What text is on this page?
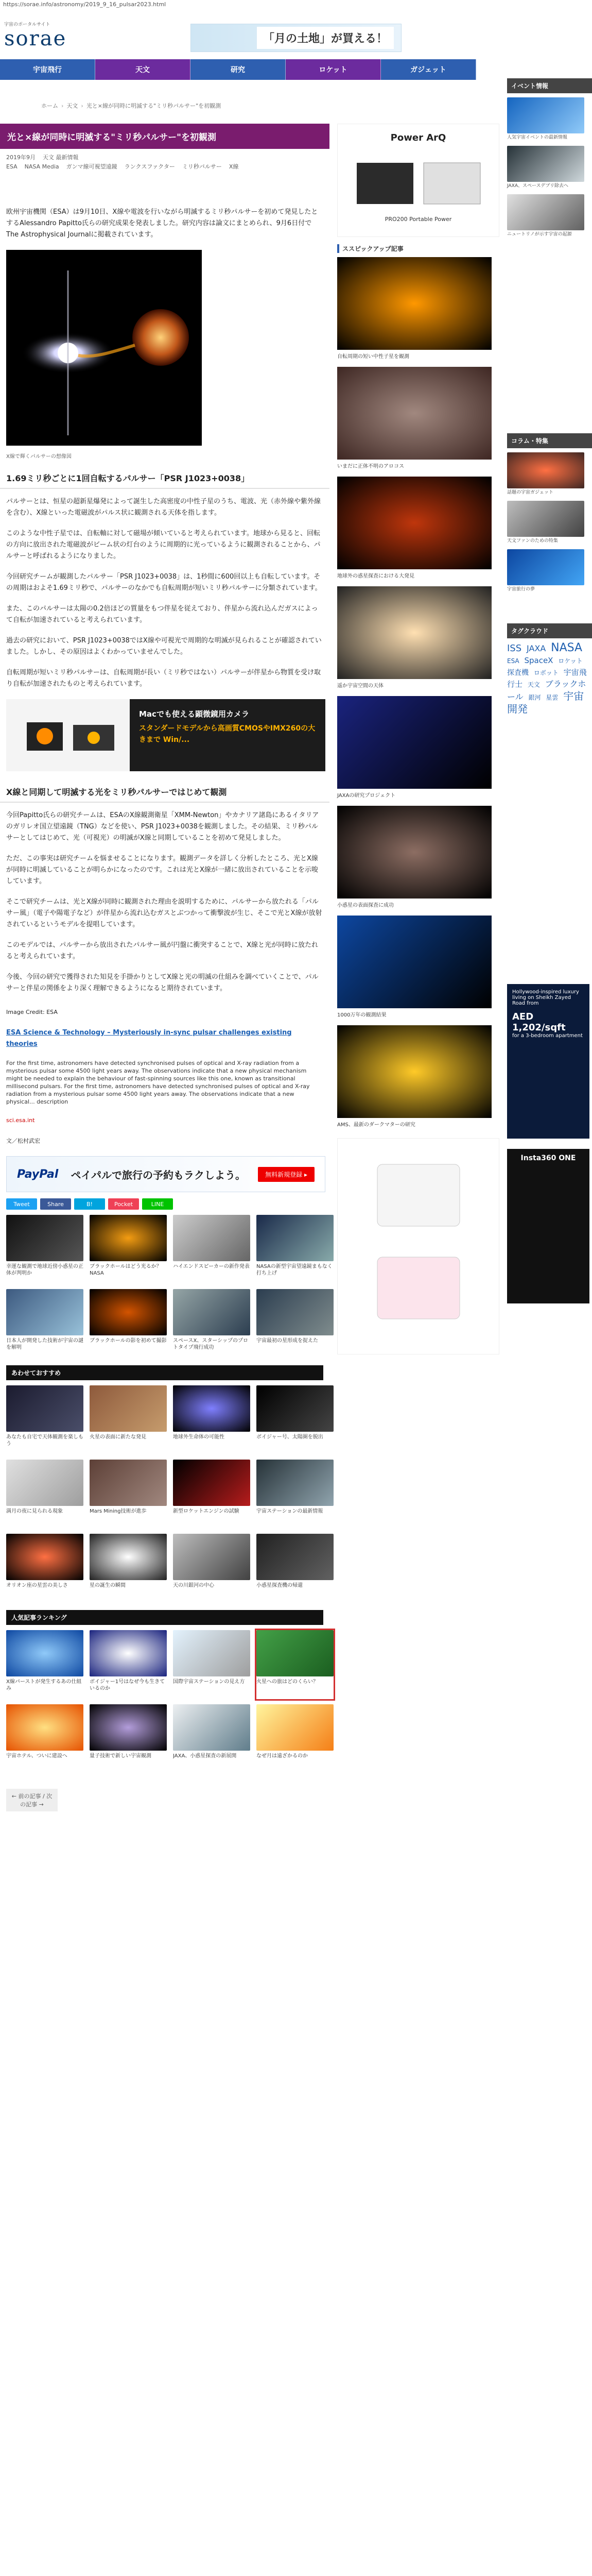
https://sorae.info/astronomy/2019_9_16_pulsar2023.html
宇宙のポータルサイト
sorae	「月の土地」が買える！
宇宙飛行	天文	研究	ロケット	ガジェット
ホーム › 天文 › 光と×線が同時に明滅する"ミリ秒パルサー"を初観測
光と×線が同時に明滅する"ミリ秒パルサー"を初観測
2019年9月 天文 最新情報
ESA NASA Media ガンマ線可視望遠鏡 ランクスファクター ミリ秒パルサー X線

欧州宇宙機関（ESA）は9月10日、X線や電波を行いながら明滅するミリ秒パルサーを初めて発見したとするAlessandro Papitto氏らの研究成果を発表しました。研究内容は論文にまとめられ、9月6日付でThe Astrophysical Journalに掲載されています。

X線で輝くパルサーの想像図
1.69ミリ秒ごとに1回自転するパルサー「PSR J1023+0038」

パルサーとは、恒星の超新星爆発によって誕生した高密度の中性子星のうち、電波、光（赤外線や紫外線を含む）、X線といった電磁波がパルス状に観測される天体を指します。

このような中性子星では、自転軸に対して磁場が傾いていると考えられています。地球から見ると、回転の方向に放出された電磁波がビーム状の灯台のように周期的に光っているように観測されることから、パルサーと呼ばれるようになりました。

今回研究チームが観測したパルサー「PSR J1023+0038」は、1秒間に600回以上も自転しています。その周期はおよそ1.69ミリ秒で、パルサーのなかでも自転周期が短いミリ秒パルサーに分類されています。

また、このパルサーは太陽の0.2倍ほどの質量をもつ伴星を従えており、伴星から流れ込んだガスによって自転が加速されていると考えられています。

過去の研究において、PSR J1023+0038ではX線や可視光で周期的な明滅が見られることが確認されていました。しかし、その原因はよくわかっていませんでした。

自転周期が短いミリ秒パルサーは、自転周期が長い（ミリ秒ではない）パルサーが伴星から物質を受け取り自転が加速されたものと考えられています。

Macでも使える顕微鏡用カメラ
スタンダードモデルから高画質CMOSやIMX260の大きまで Win/...
X線と同期して明滅する光をミリ秒パルサーではじめて観測

今回Papitto氏らの研究チームは、ESAのX線観測衛星「XMM-Newton」やカナリア諸島にあるイタリアのガリレオ国立望遠鏡（TNG）などを使い、PSR J1023+0038を観測しました。その結果、ミリ秒パルサーとしてはじめて、光（可視光）の明滅がX線と同期していることを初めて発見しました。

ただ、この事実は研究チームを悩ませることになります。観測データを詳しく分析したところ、光とX線が同時に明滅していることが明らかになったのです。これは光とX線が一緒に放出されていることを示唆しています。

そこで研究チームは、光とX線が同時に観測された理由を説明するために、パルサーから放たれる「パルサー風」（電子や陽電子など）が伴星から流れ込むガスとぶつかって衝撃波が生じ、そこで光とX線が放射されているというモデルを提唱しています。

このモデルでは、パルサーから放出されたパルサー風が円盤に衝突することで、X線と光が同時に放たれると考えられています。

今後、今回の研究で獲得された知見を手掛かりとしてX線と光の明滅の仕組みを調べていくことで、パルサーと伴星の関係をより深く理解できるようになると期待されています。

Image Credit: ESA

ESA Science & Technology – Mysteriously in-sync pulsar challenges existing theories

For the first time, astronomers have detected synchronised pulses of optical and X-ray radiation from a mysterious pulsar some 4500 light years away. The observations indicate that a new physical mechanism might be needed to explain the behaviour of fast-spinning sources like this one, known as transitional millisecond pulsars. For the first time, astronomers have detected synchronised pulses of optical and X-ray radiation from a mysterious pulsar some 4500 light years away. The observations indicate that a new physical... description

sci.esa.int

文／松村武宏

PayPal ペイパルで旅行の予約もラクしよう。	無料新規登録 ▸
Tweet	Share	B!	Pocket	LINE
幸運な観測で地球近傍小惑星の正体が判明か
ブラックホールはどう光るか？NASA
ハイエンドスピーカーの新作発表 NASAの新型宇宙望遠鏡まもなく打ち上げ
日本人が開発した技術が宇宙の謎を解明
ブラックホールの影を初めて撮影 スペースX、スターシップのプロトタイプ飛行成功
宇宙最初の星形成を捉えた
あわせておすすめ
あなたも自宅で天体観測を楽しもう
火星の表面に新たな発見	地球外生命体の可能性	ボイジャー号、太陽圏を脱出
満月の夜に見られる現象	Mars Mining技術が進歩	新型ロケットエンジンの試験	宇宙ステーションの最新情報
オリオン座の星雲の美しさ	星の誕生の瞬間	天の川銀河の中心	小惑星探査機の帰還
人気記事ランキング
X線パーストが発生するあの仕組み
ボイジャー1号はなぜ今も生きているのか
国際宇宙ステーションの見え方	火星への旅はどのくらい？
宇宙ホテル、ついに建設へ	量子技術で新しい宇宙観測	JAXA、小惑星探査の新展開	なぜ月は遠ざかるのか
← 前の記事 / 次の記事 →
Power ArQ
PRO200 Portable Power
ススピックアップ記事
自転周期の短い中性子星を観測
いまだに正体不明のアロコス
地球外の惑星探査における大発見
遥か宇宙空間の天体
JAXAの研究プロジェクト
小惑星の表面探査に成功
1000万年の観測結果
AMS、最新のダークマターの研究
イベント情報
人気宇宙イベントの最新情報
JAXA、スペースデブリ除去へ
ニュートリノが示す宇宙の起源
コラム・特集
話題の宇宙ガジェット
天文ファンのための特集
宇宙旅行の夢
タグクラウド
ISS JAXA NASA ESA SpaceX ロケット 探査機 ロボット 宇宙飛行士 天文 ブラックホール 銀河 星雲 宇宙開発
Hollywood-inspired luxury living on Sheikh Zayed Road from
AED 1,202/sqft
for a 3-bedroom apartment
Insta360 ONE
